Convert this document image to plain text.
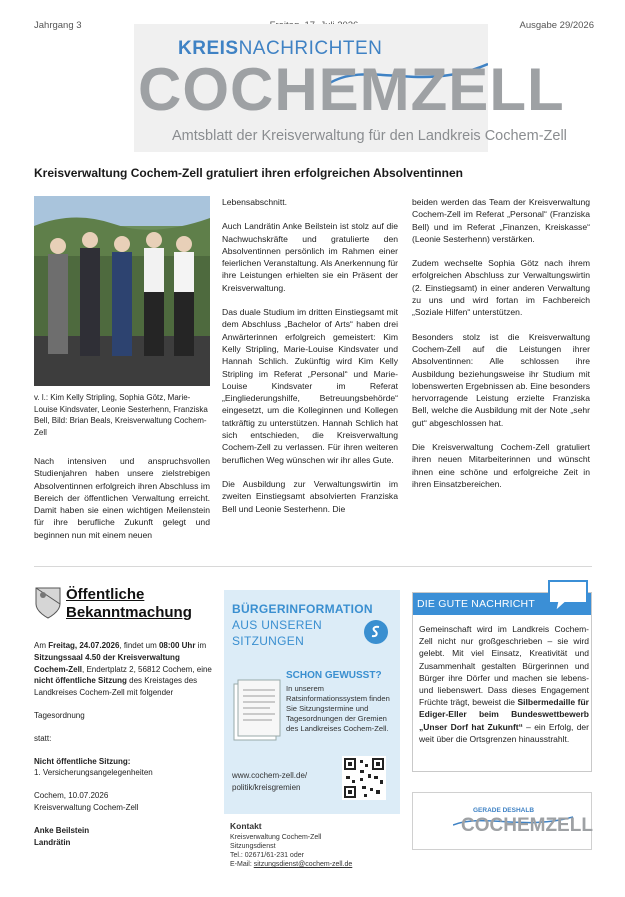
Jahrgang 3	Ausgabe 29/2026
KREISNACHRICHTEN
COCHEMZELL
Amtsblatt der Kreisverwaltung für den Landkreis Cochem-Zell
Kreisverwaltung Cochem-Zell gratuliert ihren erfolgreichen Absolventinnen
v. l.: Kim Kelly Stripling, Sophia Götz, Marie-Louise Kindsvater, Leonie Sesterhenn, Franziska Bell, Bild: Brian Beals, Kreisverwaltung Cochem-Zell
Nach intensiven und anspruchsvollen Studienjahren haben unsere zielstrebigen Absolventinnen erfolgreich ihren Abschluss im Bereich der öffentlichen Verwaltung erreicht. Damit haben sie einen wichtigen Meilenstein für ihre berufliche Zukunft gelegt und beginnen nun mit einem neuen

Lebensabschnitt.

Auch Landrätin Anke Beilstein ist stolz auf die Nachwuchskräfte und gratulierte den Absolventinnen persönlich im Rahmen einer feierlichen Veranstaltung. Als Anerkennung für ihre Leistungen erhielten sie ein Präsent der Kreisverwaltung.

Das duale Studium im dritten Einstiegsamt mit dem Abschluss „Bachelor of Arts“ haben drei Anwärterinnen erfolgreich gemeistert: Kim Kelly Stripling, Marie-Louise Kindsvater und Hannah Schlich. Zukünftig wird Kim Kelly Stripling im Referat „Personal“ und Marie-Louise Kindsvater im Referat „Eingliederungshilfe, Betreuungsbehörde“ eingesetzt, um die Kolleginnen und Kollegen tatkräftig zu unterstützen. Hannah Schlich hat sich entschieden, die Kreisverwaltung Cochem-Zell zu verlassen. Für ihren weiteren beruflichen Weg wünschen wir ihr alles Gute.

Die Ausbildung zur Verwaltungswirtin im zweiten Einstiegsamt absolvierten Franziska Bell und Leonie Sesterhenn. Die

beiden werden das Team der Kreisverwaltung Cochem-Zell im Referat „Personal“ (Franziska Bell) und im Referat „Finanzen, Kreiskasse“ (Leonie Sesterhenn) verstärken.

Zudem wechselte Sophia Götz nach ihrem erfolgreichen Abschluss zur Verwaltungswirtin (2. Einstiegsamt) in einer anderen Verwaltung zu uns und wird fortan im Fachbereich „Soziale Hilfen“ unterstützen.

Besonders stolz ist die Kreisverwaltung Cochem-Zell auf die Leistungen ihrer Absolventinnen: Alle schlossen ihre Ausbildung beziehungsweise ihr Studium mit lobenswerten Ergebnissen ab. Eine besonders hervorragende Leistung erzielte Franziska Bell, welche die Ausbildung mit der Note „sehr gut“ abgeschlossen hat.

Die Kreisverwaltung Cochem-Zell gratuliert ihren neuen Mitarbeiterinnen und wünscht ihnen eine schöne und erfolgreiche Zeit in ihren Einsatzbereichen.

Öffentliche
Bekanntmachung

Am Freitag, 24.07.2026, findet um 08:00 Uhr im Sitzungssaal 4.50 der Kreisverwaltung Cochem-Zell, Endertplatz 2, 56812 Cochem, eine nicht öffentliche Sitzung des Kreistages des Landkreises Cochem-Zell mit folgender

Tagesordnung

statt:

Nicht öffentliche Sitzung:
1. Versicherungsangelegenheiten

Cochem, 10.07.2026
Kreisverwaltung Cochem-Zell

Anke Beilstein
Landrätin

BÜRGERINFORMATION
AUS UNSEREN
SITZUNGEN
SCHON GEWUSST?
In unserem Ratsinformationssystem finden Sie Sitzungstermine und Tagesordnungen der Gremien des Landkreises Cochem-Zell.
www.cochem-zell.de/
politik/kreisgremien
Kontakt
Kreisverwaltung Cochem-Zell
Sitzungsdienst
Tel.: 02671/61-231 oder
E-Mail: sitzungsdienst@cochem-zell.de
DIE GUTE NACHRICHT
Gemeinschaft wird im Landkreis Cochem-Zell nicht nur großgeschrieben – sie wird gelebt. Mit viel Einsatz, Kreativität und Zusammenhalt gestalten Bürgerinnen und Bürger ihre Dörfer und machen sie lebens- und liebenswert. Dass dieses Engagement Früchte trägt, beweist die Silbermedaille für Ediger-Eller beim Bundeswettbewerb „Unser Dorf hat Zukunft“ – ein Erfolg, der weit über die Ortsgrenzen hinausstrahlt.
GERADE DESHALB
COCHEMZELL
